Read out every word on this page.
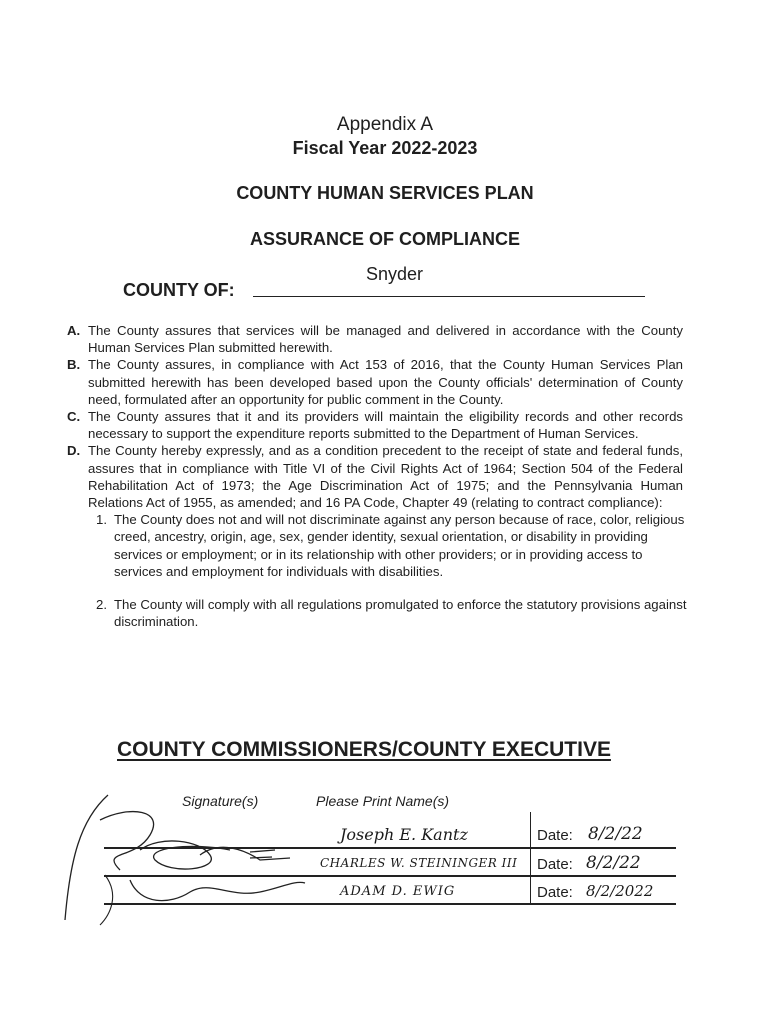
Appendix A
Fiscal Year 2022-2023
COUNTY HUMAN SERVICES PLAN
ASSURANCE OF COMPLIANCE
COUNTY OF:
Snyder
A. The County assures that services will be managed and delivered in accordance with the County Human Services Plan submitted herewith.

B. The County assures, in compliance with Act 153 of 2016, that the County Human Services Plan submitted herewith has been developed based upon the County officials' determination of County need, formulated after an opportunity for public comment in the County.

C. The County assures that it and its providers will maintain the eligibility records and other records necessary to support the expenditure reports submitted to the Department of Human Services.

D. The County hereby expressly, and as a condition precedent to the receipt of state and federal funds, assures that in compliance with Title VI of the Civil Rights Act of 1964; Section 504 of the Federal Rehabilitation Act of 1973; the Age Discrimination Act of 1975; and the Pennsylvania Human Relations Act of 1955, as amended; and 16 PA Code, Chapter 49 (relating to contract compliance):

1. The County does not and will not discriminate against any person because of race, color, religious creed, ancestry, origin, age, sex, gender identity, sexual orientation, or disability in providing services or employment; or in its relationship with other providers; or in providing access to services and employment for individuals with disabilities.

2. The County will comply with all regulations promulgated to enforce the statutory provisions against discrimination.

COUNTY COMMISSIONERS/COUNTY EXECUTIVE
Signature(s)	Please Print Name(s)
Joseph E. Kantz
CHARLES W. STEININGER III
ADAM D. EWIG
Date:
Date:
Date:
8/2/22
8/2/22
8/2/2022
